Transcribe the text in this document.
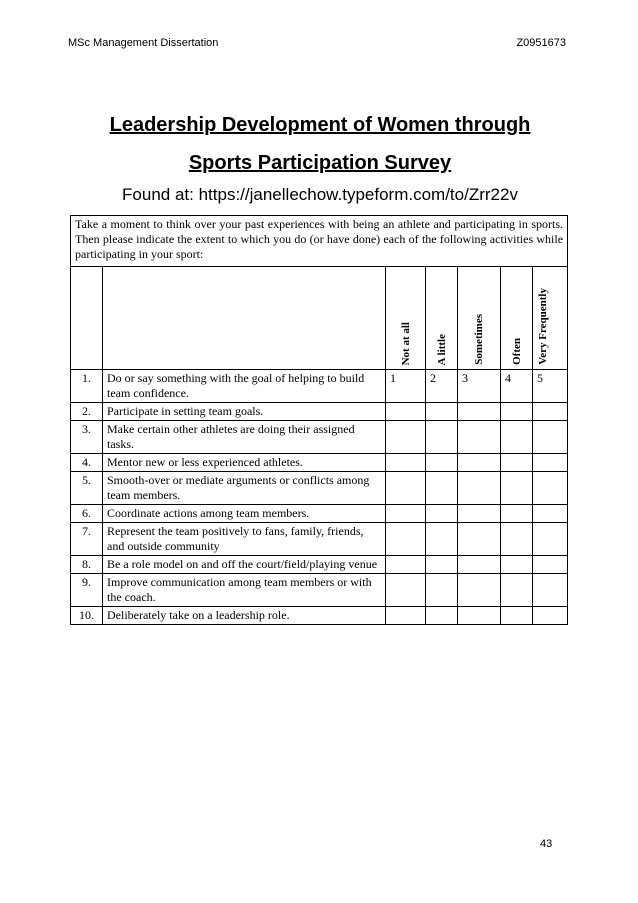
MSc Management Dissertation	Z0951673
Leadership Development of Women through
Sports Participation Survey
Found at: https://janellechow.typeform.com/to/Zrr22v
Take a moment to think over your past experiences with being an athlete and participating in sports. Then please indicate the extent to which you do (or have done) each of the following activities while participating in your sport:						

		Not at all	A little	Sometimes	Often	Very Frequently

1.	Do or say something with the goal of helping to build team confidence.	1	2	3	4	5
2.	Participate in setting team goals.					
3.	Make certain other athletes are doing their assigned tasks.					
4.	Mentor new or less experienced athletes.					
5.	Smooth-over or mediate arguments or conflicts among team members.					
6.	Coordinate actions among team members.					
7.	Represent the team positively to fans, family, friends, and outside community					
8.	Be a role model on and off the court/field/playing venue					
9.	Improve communication among team members or with the coach.					
10.	Deliberately take on a leadership role.					
43
